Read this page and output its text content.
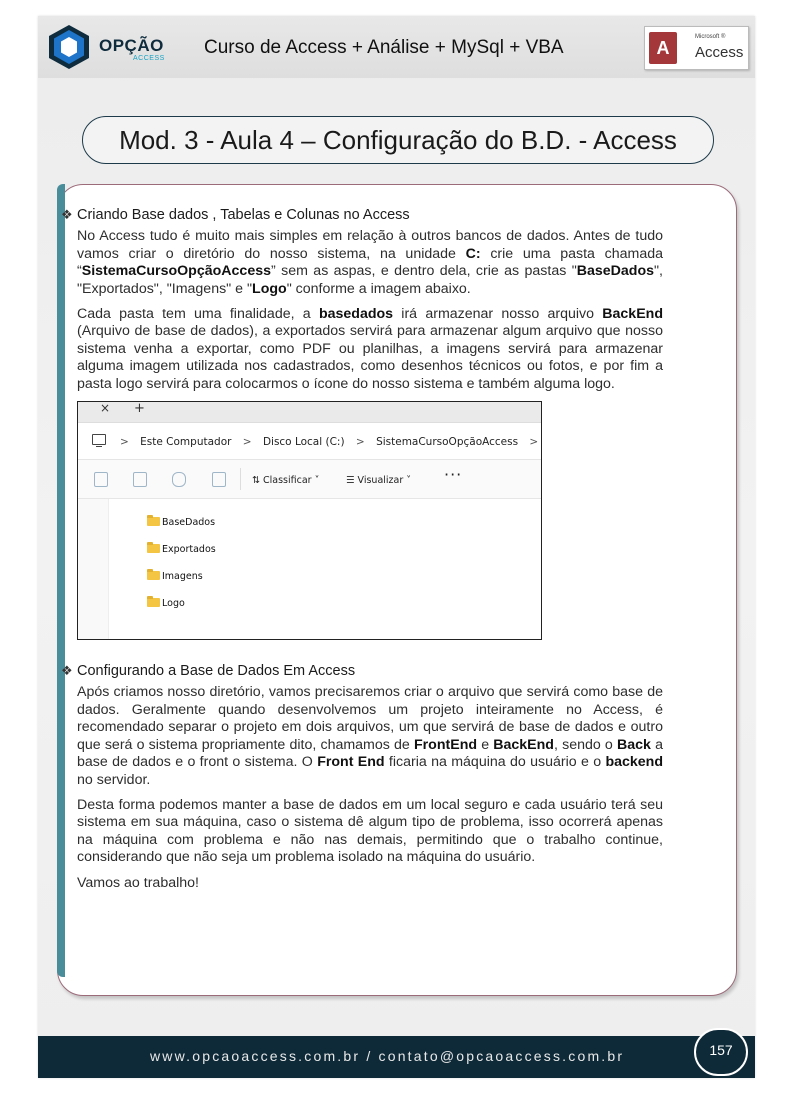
OPÇÃO
ACCESS
Curso de Access + Análise + MySql + VBA	A
Microsoft ®
Access
Mod. 3 - Aula 4 – Configuração do B.D. - Access
www.opcaoaccess.com.br / contato@opcaoaccess.com.br	157
❖ Criando Base dados , Tabelas e Colunas no Access
No Access tudo é muito mais simples em relação à outros bancos de dados. Antes de tudo vamos criar o diretório do nosso sistema, na unidade C: crie uma pasta chamada “SistemaCursoOpçãoAccess” sem as aspas, e dentro dela, crie as pastas "BaseDados", "Exportados", "Imagens" e "Logo" conforme a imagem abaixo.
Cada pasta tem uma finalidade, a basedados irá armazenar nosso arquivo BackEnd (Arquivo de base de dados), a exportados servirá para armazenar algum arquivo que nosso sistema venha a exportar, como PDF ou planilhas, a imagens servirá para armazenar alguma imagem utilizada nos cadastrados, como desenhos técnicos ou fotos, e por fim a pasta logo servirá para colocarmos o ícone do nosso sistema e também alguma logo.
× +
> Este Computador > Disco Local (C:) > SistemaCursoOpçãoAccess >
⇅ Classificar ˅	☰ Visualizar ˅ ···
BaseDados
Exportados
Imagens
Logo
❖ Configurando a Base de Dados Em Access
Após criamos nosso diretório, vamos precisaremos criar o arquivo que servirá como base de dados. Geralmente quando desenvolvemos um projeto inteiramente no Access, é recomendado separar o projeto em dois arquivos, um que servirá de base de dados e outro que será o sistema propriamente dito, chamamos de FrontEnd e BackEnd, sendo o Back a base de dados e o front o sistema. O Front End ficaria na máquina do usuário e o backend no servidor.
Desta forma podemos manter a base de dados em um local seguro e cada usuário terá seu sistema em sua máquina, caso o sistema dê algum tipo de problema, isso ocorrerá apenas na máquina com problema e não nas demais, permitindo que o trabalho continue, considerando que não seja um problema isolado na máquina do usuário.
Vamos ao trabalho!
